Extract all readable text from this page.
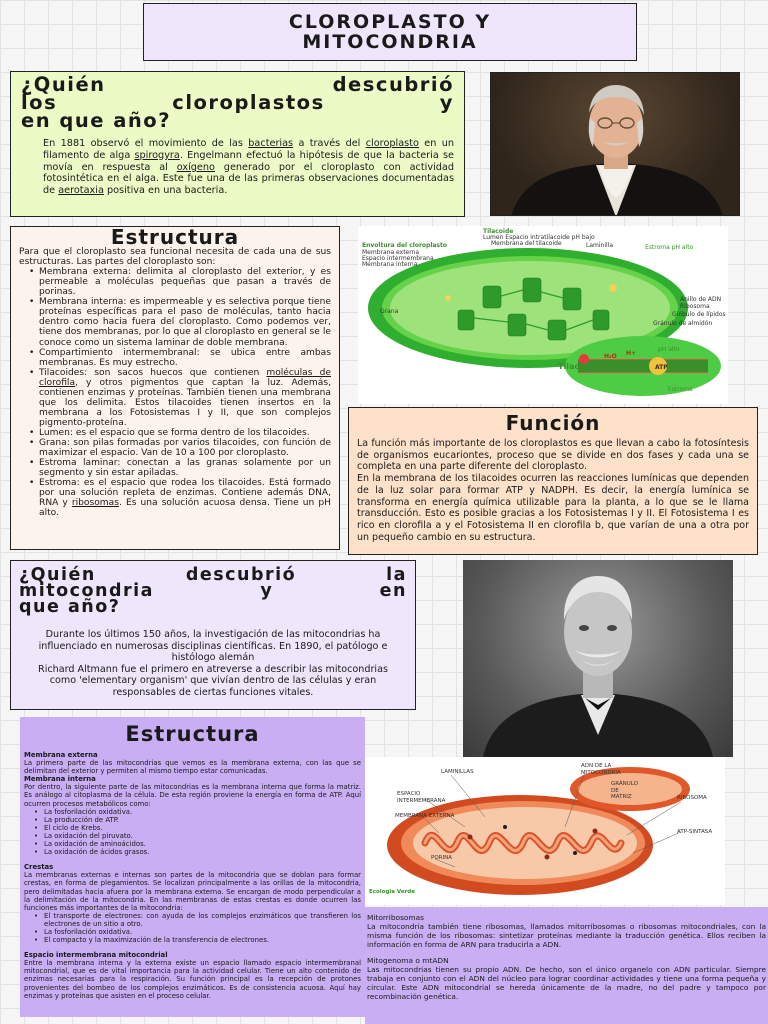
CLOROPLASTO Y
MITOCONDRIA
¿Quién descubrió
los cloroplastos y
en que año?

En 1881 observó el movimiento de las bacterias a través del cloroplasto en un filamento de alga spirogyra. Engelmann efectuó la hipótesis de que la bacteria se movía en respuesta al oxígeno generado por el cloroplasto con actividad fotosintética en el alga. Este fue una de las primeras observaciones documentadas de aerotaxia positiva en una bacteria.

Estructura

Para que el cloroplasto sea funcional necesita de cada una de sus estructuras. Las partes del cloroplasto son:

• Membrana externa: delimita al cloroplasto del exterior, y es permeable a moléculas pequeñas que pasan a través de porinas.
• Membrana interna: es impermeable y es selectiva porque tiene proteínas específicas para el paso de moléculas, tanto hacia dentro como hacia fuera del cloroplasto. Como podemos ver, tiene dos membranas, por lo que al cloroplasto en general se le conoce como un sistema laminar de doble membrana.
• Compartimiento intermembranal: se ubica entre ambas membranas. Es muy estrecho.
• Tilacoides: son sacos huecos que contienen moléculas de clorofila, y otros pigmentos que captan la luz. Además, contienen enzimas y proteínas. También tienen una membrana que los delimita. Estos tilacoides tienen insertos en la membrana a los Fotosistemas I y II, que son complejos pigmento-proteína.
• Lumen: es el espacio que se forma dentro de los tilacoides.
• Grana: son pilas formadas por varios tilacoides, con función de maximizar el espacio. Van de 10 a 100 por cloroplasto.
• Estroma laminar: conectan a las granas solamente por un segmento y sin estar apiladas.
• Estroma: es el espacio que rodea los tilacoides. Está formado por una solución repleta de enzimas. Contiene además DNA, RNA y ribosomas. Es una solución acuosa densa. Tiene un pH alto.
Tilacoide
Lumen Espacio intratilacoide pH bajo
Membrana del tilacoide
Envoltura del cloroplasto
Membrana externa
Espacio intermembrana
Membrana interna
Laminilla	Estroma pH alto
Grana
Anillo de ADN
Ribosoma
Glóbulo de lípidos
Gránulo de almidón
Tilacoide
H₂O H+
ATP
pH alto
Estroma
Función

La función más importante de los cloroplastos es que llevan a cabo la fotosíntesis de organismos eucariontes, proceso que se divide en dos fases y cada una se completa en una parte diferente del cloroplasto.

En la membrana de los tilacoides ocurren las reacciones lumínicas que dependen de la luz solar para formar ATP y NADPH. Es decir, la energía lumínica se transforma en energía química utilizable para la planta, a lo que se le llama transducción. Esto es posible gracias a los Fotosistemas I y II. El Fotosistema I es rico en clorofila a y el Fotosistema II en clorofila b, que varían de una a otra por un pequeño cambio en su estructura.

¿Quién descubrió la
mitocondria y en
que año?

Durante los últimos 150 años, la investigación de las mitocondrias ha influenciado en numerosas disciplinas científicas. En 1890, el patólogo e histólogo alemán

Richard Altmann fue el primero en atreverse a describir las mitocondrias como 'elementary organism' que vivían dentro de las células y eran responsables de ciertas funciones vitales.

Estructura
Membrana externa
La primera parte de las mitocondrias que vemos es la membrana externa, con las que se delimitan del exterior y permiten al mismo tiempo estar comunicadas.
Membrana interna
Por dentro, la siguiente parte de las mitocondrias es la membrana interna que forma la matriz. Es análogo al citoplasma de la célula. De esta región proviene la energía en forma de ATP. Aquí ocurren procesos metabólicos como:
• La fosforilación oxidativa.
• La producción de ATP.
• El ciclo de Krebs.
• La oxidación del piruvato.
• La oxidación de aminoácidos.
• La oxidación de ácidos grasos.
Crestas
La membranas externas e internas son partes de la mitocondria que se doblan para formar crestas, en forma de plegamientos. Se localizan principalmente a las orillas de la mitocondria, pero delimitadas hacia afuera por la membrana externa. Se encargan de modo perpendicular a la delimitación de la mitocondria. En las membranas de estas crestas es donde ocurren las funciones más importantes de la mitocondria:
• El transporte de electrones: con ayuda de los complejos enzimáticos que transfieren los electrones de un sitio a otro.
• La fosforilación oxidativa.
• El compacto y la maximización de la transferencia de electrones.
Espacio intermembrana mitocondrial
Entre la membrana interna y la externa existe un espacio llamado espacio intermembranal mitocondrial, que es de vital importancia para la actividad celular. Tiene un alto contenido de enzimas necesarias para la respiración. Su función principal es la recepción de protones provenientes del bombeo de los complejos enzimáticos. Es de consistencia acuosa. Aquí hay enzimas y proteínas que asisten en el proceso celular.
LAMINILLAS
ADN DE LA MITOCONDRIA
ESPACIO INTERMEMBRANA
MEMBRANA EXTERNA
GRÁNULO DE MATRIZ	RIBOSOMA
ATP-SINTASA
PORINA
Ecologia Verde
Mitorribosomas
La mitocondria también tiene ribosomas, llamados mitorribosomas o ribosomas mitocondriales, con la misma función de los ribosomas: sintetizar proteínas mediante la traducción genética. Ellos reciben la información en forma de ARN para traducirla a ADN.
Mitogenoma o mtADN
Las mitocondrias tienen su propio ADN. De hecho, son el único organelo con ADN particular. Siempre trabaja en conjunto con el ADN del núcleo para lograr coordinar actividades y tiene una forma pequeña y circular. Este ADN mitocondrial se hereda únicamente de la madre, no del padre y tampoco por recombinación genética.
